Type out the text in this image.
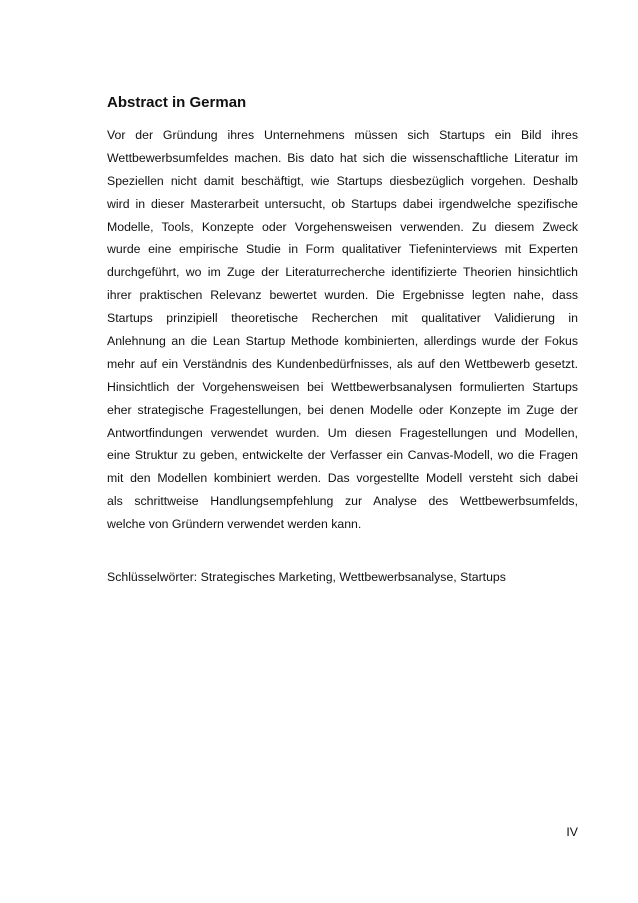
Abstract in German
Vor der Gründung ihres Unternehmens müssen sich Startups ein Bild ihres
Wettbewerbsumfeldes machen. Bis dato hat sich die wissenschaftliche Literatur im
Speziellen nicht damit beschäftigt, wie Startups diesbezüglich vorgehen. Deshalb
wird in dieser Masterarbeit untersucht, ob Startups dabei irgendwelche spezifische
Modelle, Tools, Konzepte oder Vorgehensweisen verwenden. Zu diesem Zweck
wurde eine empirische Studie in Form qualitativer Tiefeninterviews mit Experten
durchgeführt, wo im Zuge der Literaturrecherche identifizierte Theorien hinsichtlich
ihrer praktischen Relevanz bewertet wurden. Die Ergebnisse legten nahe, dass
Startups prinzipiell theoretische Recherchen mit qualitativer Validierung in
Anlehnung an die Lean Startup Methode kombinierten, allerdings wurde der Fokus
mehr auf ein Verständnis des Kundenbedürfnisses, als auf den Wettbewerb gesetzt.
Hinsichtlich der Vorgehensweisen bei Wettbewerbsanalysen formulierten Startups
eher strategische Fragestellungen, bei denen Modelle oder Konzepte im Zuge der
Antwortfindungen verwendet wurden. Um diesen Fragestellungen und Modellen,
eine Struktur zu geben, entwickelte der Verfasser ein Canvas-Modell, wo die Fragen
mit den Modellen kombiniert werden. Das vorgestellte Modell versteht sich dabei
als schrittweise Handlungsempfehlung zur Analyse des Wettbewerbsumfelds,
welche von Gründern verwendet werden kann.

Schlüsselwörter: Strategisches Marketing, Wettbewerbsanalyse, Startups

IV
